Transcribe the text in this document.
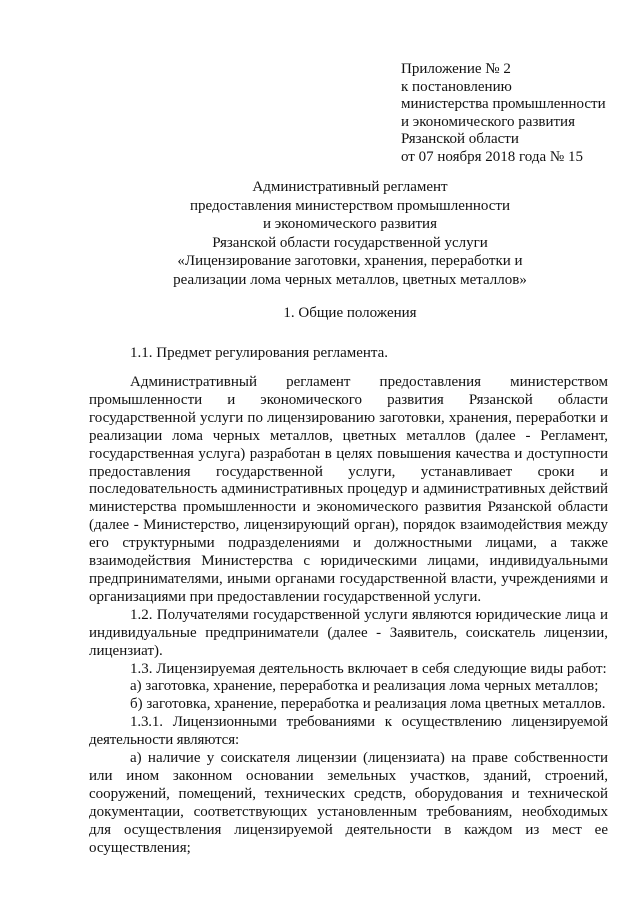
Приложение № 2
к постановлению
министерства промышленности
и экономического развития
Рязанской области
от 07 ноября 2018 года № 15
Административный регламент
предоставления министерством промышленности
и экономического развития
Рязанской области государственной услуги
«Лицензирование заготовки, хранения, переработки и
реализации лома черных металлов, цветных металлов»
1. Общие положения
1.1. Предмет регулирования регламента.

Административный регламент предоставления министерством промышленности и экономического развития Рязанской области государственной услуги по лицензированию заготовки, хранения, переработки и реализации лома черных металлов, цветных металлов (далее - Регламент, государственная услуга) разработан в целях повышения качества и доступности предоставления государственной услуги, устанавливает сроки и последовательность административных процедур и административных действий министерства промышленности и экономического развития Рязанской области (далее - Министерство, лицензирующий орган), порядок взаимодействия между его структурными подразделениями и должностными лицами, а также взаимодействия Министерства с юридическими лицами, индивидуальными предпринимателями, иными органами государственной власти, учреждениями и организациями при предоставлении государственной услуги.

1.2. Получателями государственной услуги являются юридические лица и индивидуальные предприниматели (далее - Заявитель, соискатель лицензии, лицензиат).

1.3. Лицензируемая деятельность включает в себя следующие виды работ:

а) заготовка, хранение, переработка и реализация лома черных металлов;

б) заготовка, хранение, переработка и реализация лома цветных металлов.

1.3.1. Лицензионными требованиями к осуществлению лицензируемой деятельности являются:

а) наличие у соискателя лицензии (лицензиата) на праве собственности или ином законном основании земельных участков, зданий, строений, сооружений, помещений, технических средств, оборудования и технической документации, соответствующих установленным требованиям, необходимых для осуществления лицензируемой деятельности в каждом из мест ее осуществления;
